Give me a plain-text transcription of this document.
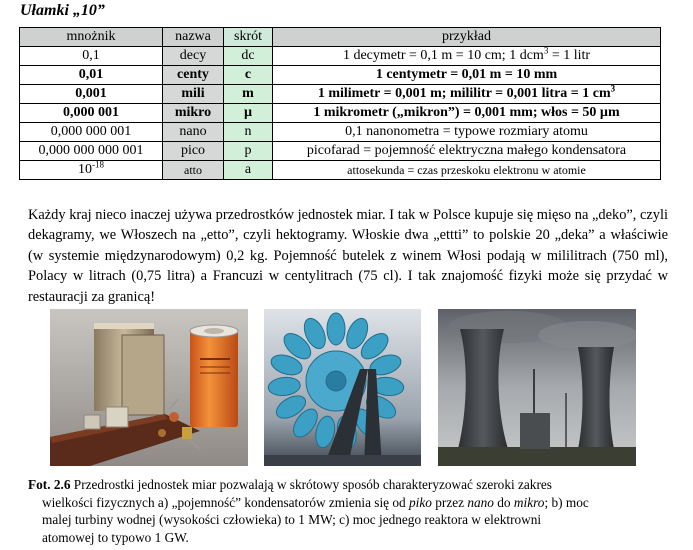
Ułamki „10”
mnożnik	nazwa	skrót	przykład
0,1	decy	dc	1 decymetr = 0,1 m = 10 cm; 1 dcm$^3$ = 1 litr
0,01	centy	c	1 centymetr = 0,01 m = 10 mm
0,001	mili	m	1 milimetr = 0,001 m; mililitr = 0,001 litra = 1 $cm^3$
0,000 001	mikro	µ	1 mikrometr („mikron”) = 0,001 mm; włos = 50 µm
0,000 000 001	nano	n	0,1 nanonometra = typowe rozmiary atomu
0,000 000 000 001	pico	p	picofarad = pojemność elektryczna małego kondensatora
$10^{-18}$	atto	a	attosekunda = czas przeskoku elektronu w atomie
Każdy kraj nieco inaczej używa przedrostków jednostek miar. I tak w Polsce kupuje się mięso na „deko”, czyli dekagramy, we Włoszech na „etto”, czyli hektogramy. Włoskie dwa „ettti” to polskie 20 „deka” a właściwie (w systemie międzynarodowym) 0,2 kg. Pojemność butelek z winem Włosi podają w mililitrach (750 ml), Polacy w litrach (0,75 litra) a Francuzi w centylitrach (75 cl). I tak znajomość fizyki może się przydać w restauracji za granicą!
Fot. 2.6 Przedrostki jednostek miar pozwalają w skrótowy sposób charakteryzować szeroki zakres
wielkości fizycznych a) „pojemność” kondensatorów zmienia się od piko przez nano do mikro; b) moc
malej turbiny wodnej (wysokości człowieka) to 1 MW; c) moc jednego reaktora w elektrowni
atomowej to typowo 1 GW.
